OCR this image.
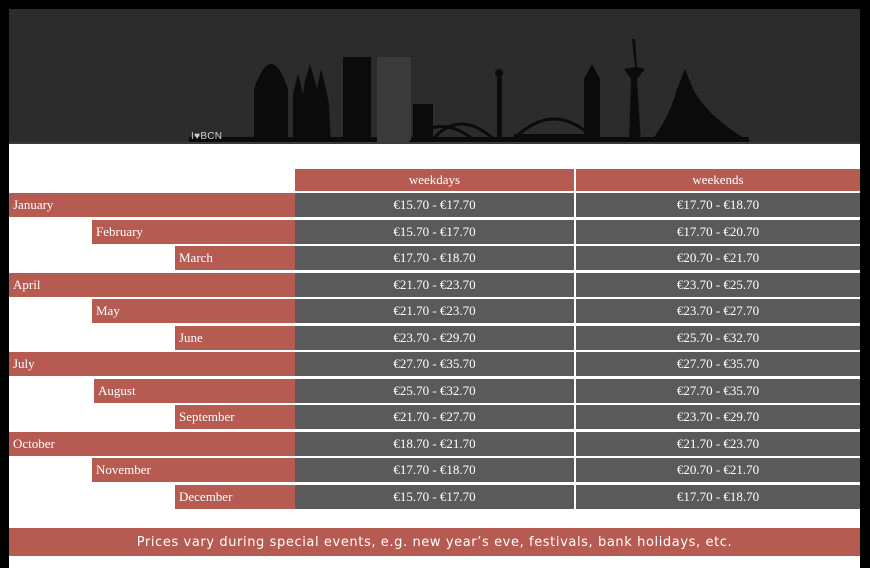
I♥BCN
weekdays	weekends
January	€15.70 - €17.70	€17.70 - €18.70
February	€15.70 - €17.70	€17.70 - €20.70
March	€17.70 - €18.70	€20.70 - €21.70
April	€21.70 - €23.70	€23.70 - €25.70
May	€21.70 - €23.70	€23.70 - €27.70
June	€23.70 - €29.70	€25.70 - €32.70
July	€27.70 - €35.70	€27.70 - €35.70
August	€25.70 - €32.70	€27.70 - €35.70
September	€21.70 - €27.70	€23.70 - €29.70
October	€18.70 - €21.70	€21.70 - €23.70
November	€17.70 - €18.70	€20.70 - €21.70
December	€15.70 - €17.70	€17.70 - €18.70
Prices vary during special events, e.g. new year’s eve, festivals, bank holidays, etc.
